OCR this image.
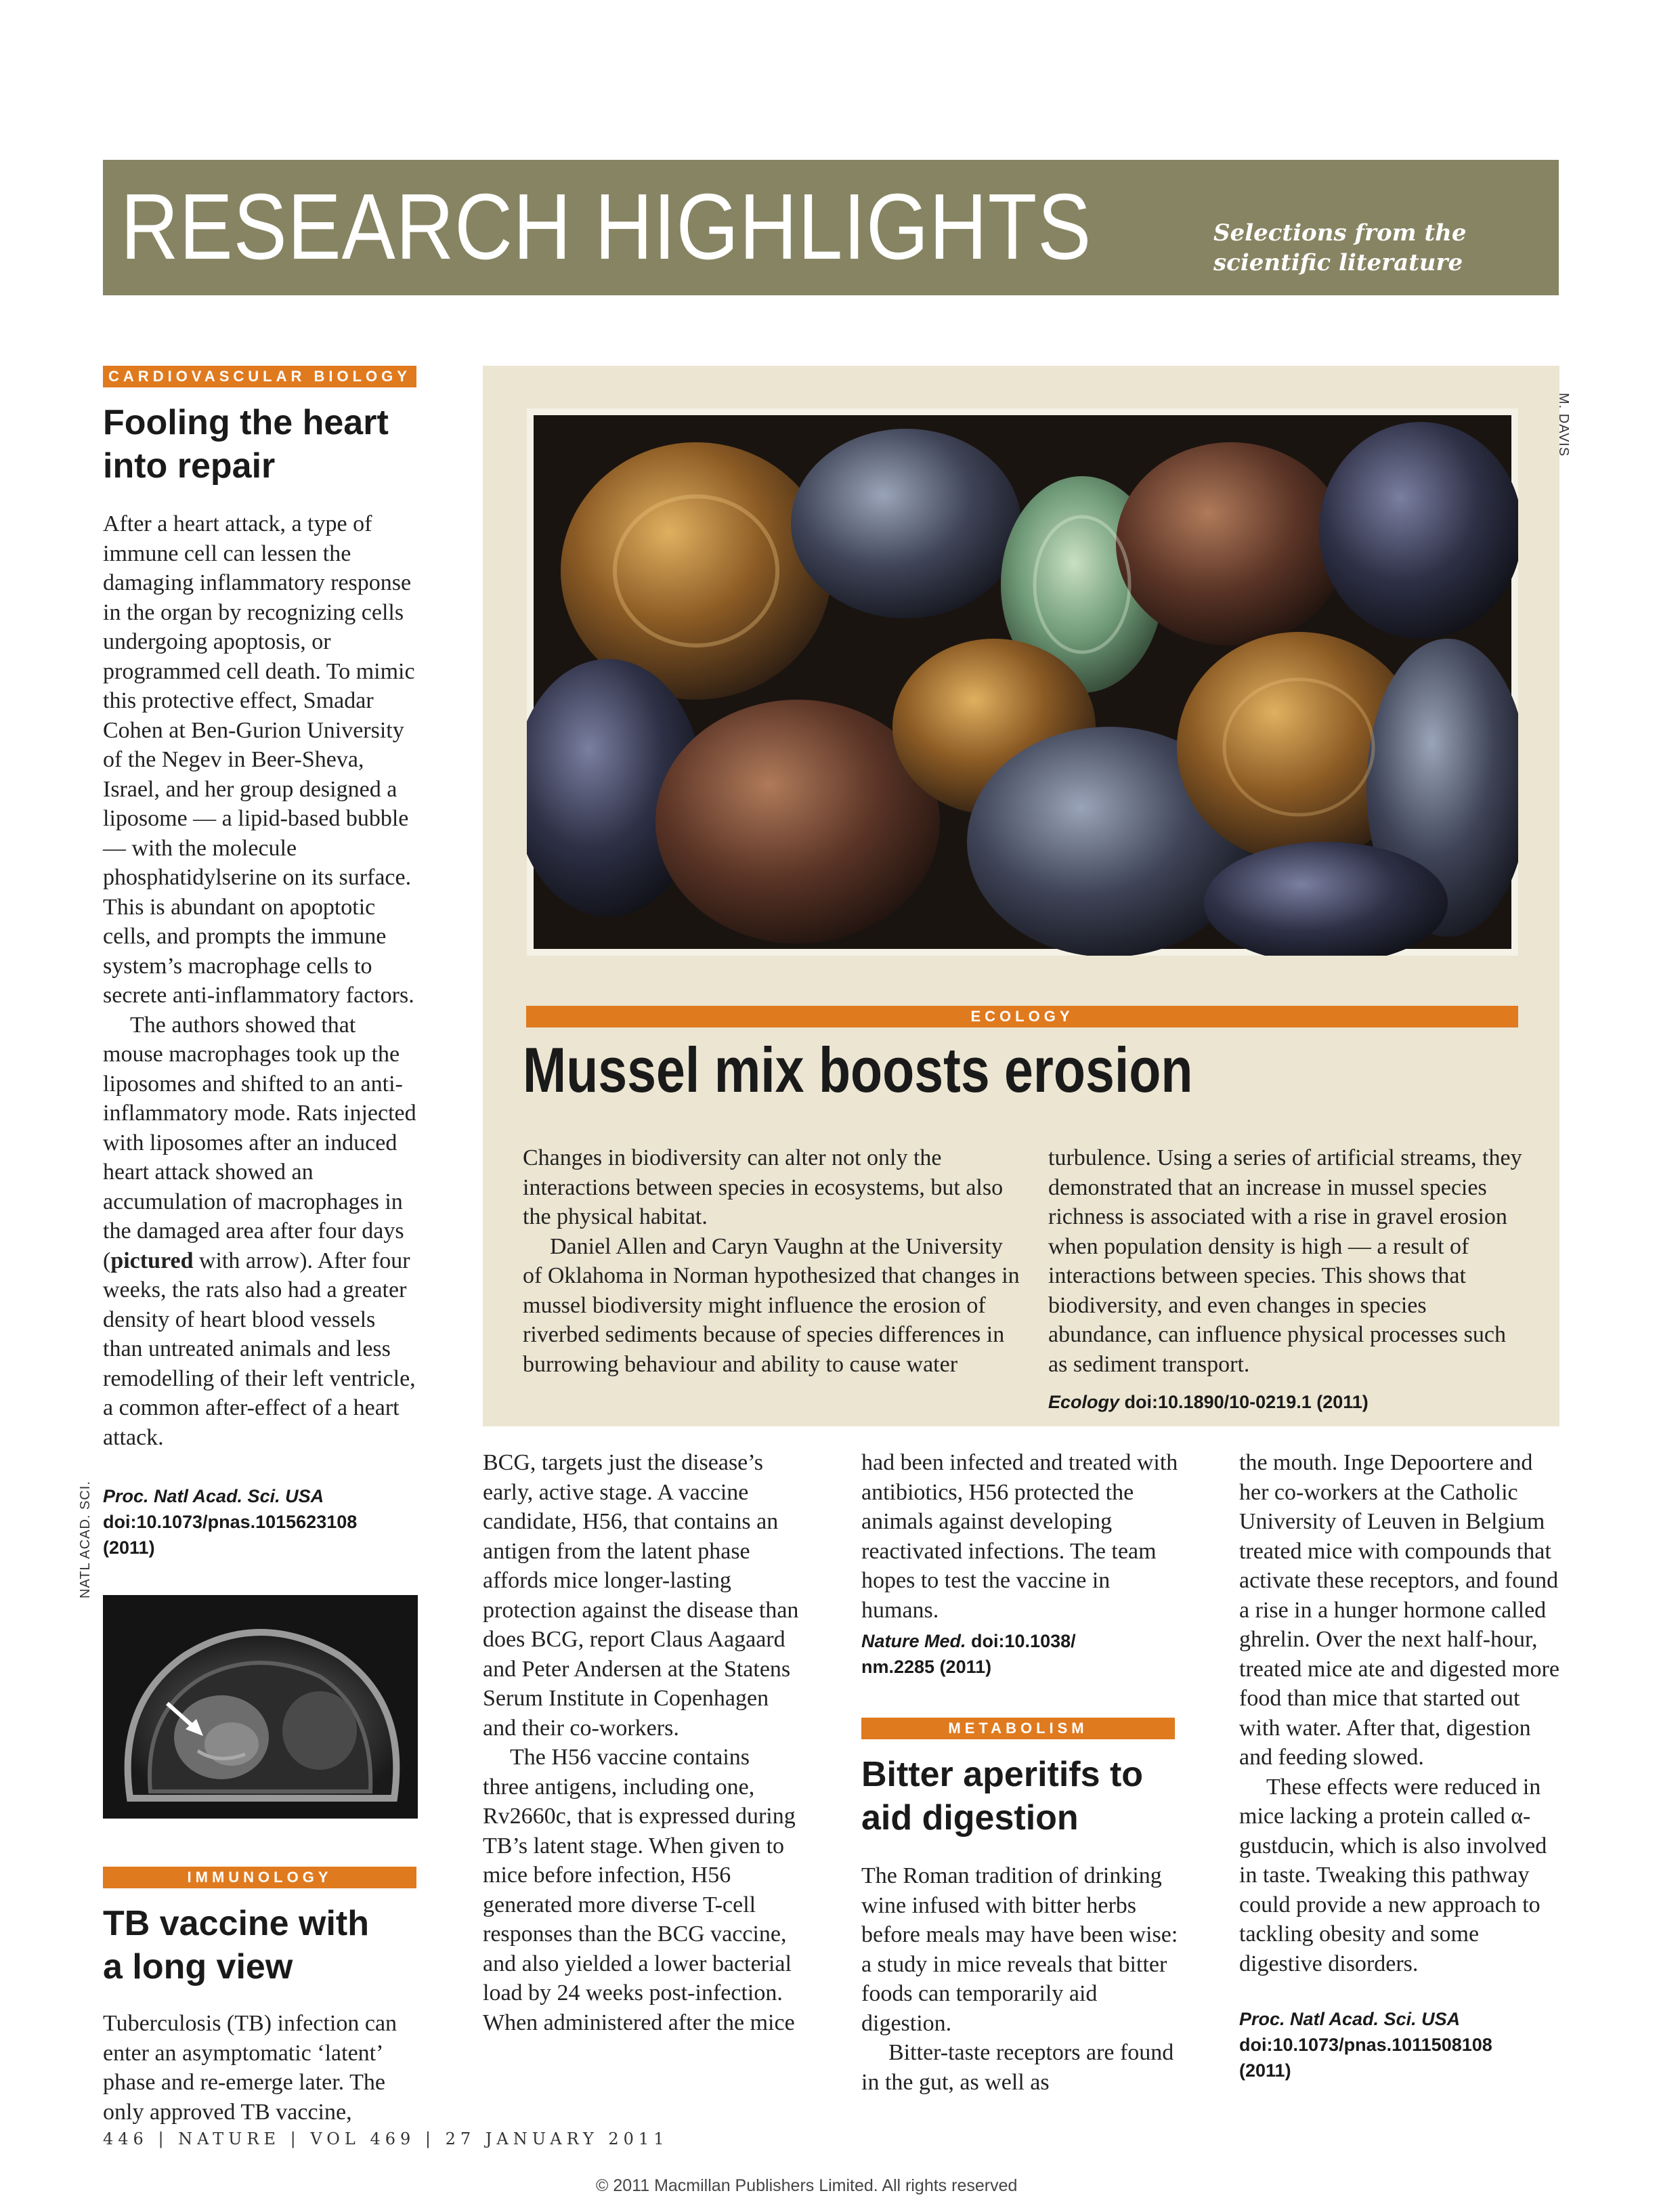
RESEARCH HIGHLIGHTS	Selections from the
scientific literature
CARDIOVASCULAR BIOLOGY
Fooling the heart
into repair

After a heart attack, a type of immune cell can lessen the damaging inflammatory response in the organ by recognizing cells undergoing apoptosis, or programmed cell death. To mimic this protective effect, Smadar Cohen at Ben-Gurion University of the Negev in Beer-Sheva, Israel, and her group designed a liposome — a lipid-based bubble — with the molecule phosphatidylserine on its surface. This is abundant on apoptotic cells, and prompts the immune system’s macrophage cells to secrete anti-inflammatory factors.

The authors showed that mouse macrophages took up the liposomes and shifted to an anti-inflammatory mode. Rats injected with liposomes after an induced heart attack showed an accumulation of macrophages in the damaged area after four days (pictured with arrow). After four weeks, the rats also had a greater density of heart blood vessels than untreated animals and less remodelling of their left ventricle, a common after-effect of a heart attack.

Proc. Natl Acad. Sci. USA
doi:10.1073/pnas.1015623108
(2011)
NATL ACAD. SCI.
M. DAVIS
ECOLOGY
Mussel mix boosts erosion

Changes in biodiversity can alter not only the interactions between species in ecosystems, but also the physical habitat.

Daniel Allen and Caryn Vaughn at the University of Oklahoma in Norman hypothesized that changes in mussel biodiversity might influence the erosion of riverbed sediments because of species differences in burrowing behaviour and ability to cause water

turbulence. Using a series of artificial streams, they demonstrated that an increase in mussel species richness is associated with a rise in gravel erosion when population density is high — a result of interactions between species. This shows that biodiversity, and even changes in species abundance, can influence physical processes such as sediment transport.

Ecology doi:10.1890/10-0219.1 (2011)
IMMUNOLOGY
TB vaccine with
a long view

Tuberculosis (TB) infection can enter an asymptomatic ‘latent’ phase and re-emerge later. The only approved TB vaccine,

BCG, targets just the disease’s early, active stage. A vaccine candidate, H56, that contains an antigen from the latent phase affords mice longer-lasting protection against the disease than does BCG, report Claus Aagaard and Peter Andersen at the Statens Serum Institute in Copenhagen and their co-workers.

The H56 vaccine contains three antigens, including one, Rv2660c, that is expressed during TB’s latent stage. When given to mice before infection, H56 generated more diverse T-cell responses than the BCG vaccine, and also yielded a lower bacterial load by 24 weeks post-infection. When administered after the mice

had been infected and treated with antibiotics, H56 protected the animals against developing reactivated infections. The team hopes to test the vaccine in humans.

Nature Med. doi:10.1038/
nm.2285 (2011)
METABOLISM
Bitter aperitifs to
aid digestion

The Roman tradition of drinking wine infused with bitter herbs before meals may have been wise: a study in mice reveals that bitter foods can temporarily aid digestion.

Bitter-taste receptors are found in the gut, as well as

the mouth. Inge Depoortere and her co-workers at the Catholic University of Leuven in Belgium treated mice with compounds that activate these receptors, and found a rise in a hunger hormone called ghrelin. Over the next half-hour, treated mice ate and digested more food than mice that started out with water. After that, digestion and feeding slowed.

These effects were reduced in mice lacking a protein called α-gustducin, which is also involved in taste. Tweaking this pathway could provide a new approach to tackling obesity and some digestive disorders.

Proc. Natl Acad. Sci. USA
doi:10.1073/pnas.1011508108
(2011)
446 | NATURE | VOL 469 | 27 JANUARY 2011
© 2011 Macmillan Publishers Limited. All rights reserved
